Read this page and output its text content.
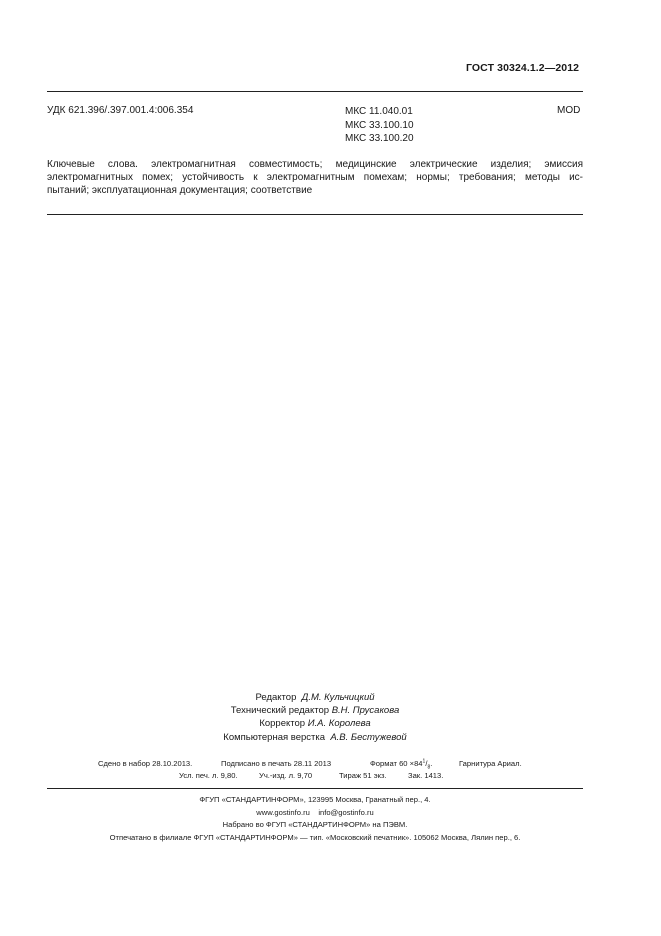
ГОСТ 30324.1.2—2012
УДК 621.396/.397.001.4:006.354	МКС 11.040.01
МКС 33.100.10
МКС 33.100.20
MOD

Ключевые слова. электромагнитная совместимость; медицинские электрические изделия; эмиссия

электромагнитных помех; устойчивость к электромагнитным помехам; нормы; требования; методы ис-

пытаний; эксплуатационная документация; соответствие

Редактор Д.М. Кульчицкий
Технический редактор В.Н. Прусакова
Корректор И.А. Королева
Компьютерная верстка А.В. Бестужевой
Сдено в набор 28.10.2013.	Подписано в печать 28.11 2013	Формат $60 \times 84^1/_8$.	Гарнитура Ариал.
Усл. печ. л. 9,80.	Уч.-изд. л. 9,70	Тираж 51 экз.	Зак. 1413.
ФГУП «СТАНДАРТИНФОРМ», 123995 Москва, Гранатный пер., 4.
www.gostinfo.ru info@gostinfo.ru
Набрано во ФГУП «СТАНДАРТИНФОРМ» на ПЭВМ.
Отпечатано в филиале ФГУП «СТАНДАРТИНФОРМ» — тип. «Московский печатник». 105062 Москва, Лялин пер., 6.
